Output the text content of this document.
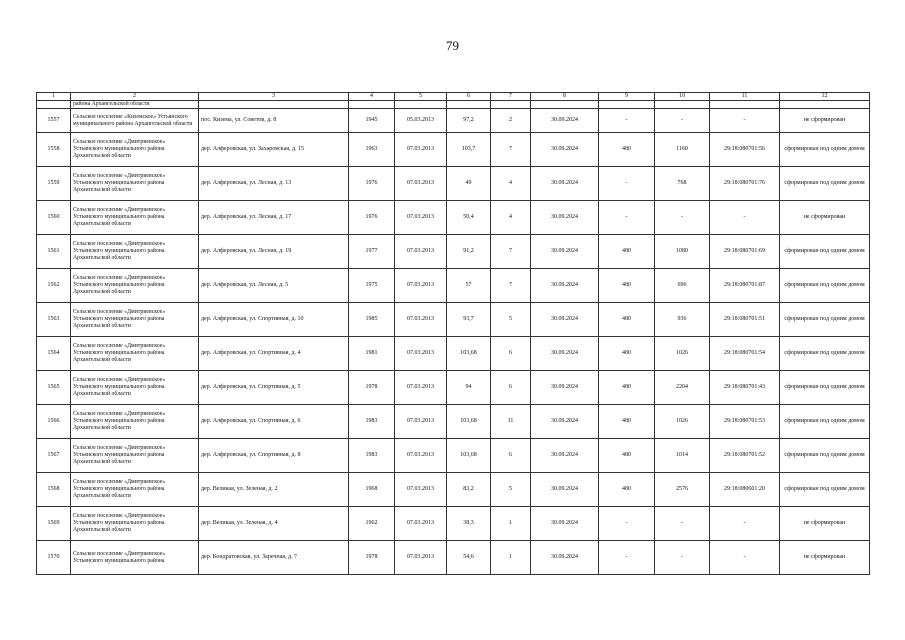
79
1	2	3	4	5	6	7	8	9	10	11	12
	района Архангельской области										
1557	Сельское поселение «Киземское» Устьянского муниципального района Архангельской области	пос. Кизема, ул. Советов, д. 8	1945	05.03.2013	97,2	2	30.09.2024	-	-	-	не сформирован
1558	Сельское поселение «Дмитриевское» Устьянского муниципального района Архангельской области	дер. Алферовская, ул. Захаровская, д. 15	1963	07.03.2013	103,7	7	30.09.2024	480	1160	29:18:080701:56	сформирован под одним домом
1559	Сельское поселение «Дмитриевское» Устьянского муниципального района Архангельской области	дер. Алферовская, ул. Лесная, д. 13	1976	07.03.2013	49	4	30.09.2024	-	768	29:18:080701:76	сформирован под одним домом
1560	Сельское поселение «Дмитриевское» Устьянского муниципального района Архангельской области	дер. Алферовская, ул. Лесная, д. 17	1976	07.03.2013	50,4	4	30.09.2024	-	-	-	не сформирован
1561	Сельское поселение «Дмитриевское» Устьянского муниципального района Архангельской области	дер. Алферовская, ул. Лесная, д. 19	1977	07.03.2013	91,2	7	30.09.2024	480	1080	29:18:080701:69	сформирован под одним домом
1562	Сельское поселение «Дмитриевское» Устьянского муниципального района Архангельской области	дер. Алферовская, ул. Лесная, д. 5	1975	07.03.2013	57	7	30.09.2024	480	696	29:18:080701:87	сформирован под одним домом
1563	Сельское поселение «Дмитриевское» Устьянского муниципального района Архангельской области	дер. Алферовская, ул. Спортивная, д. 10	1985	07.03.2013	93,7	5	30.09.2024	480	936	29:18:080701:51	сформирован под одним домом
1564	Сельское поселение «Дмитриевское» Устьянского муниципального района Архангельской области	дер. Алферовская, ул. Спортивная, д. 4	1981	07.03.2013	103,68	6	30.09.2024	480	1026	29:18:080701:54	сформирован под одним домом
1565	Сельское поселение «Дмитриевское» Устьянского муниципального района Архангельской области	дер. Алферовская, ул. Спортивная, д. 5	1978	07.03.2013	94	6	30.09.2024	480	2204	29:18:080701:43	сформирован под одним домом
1566	Сельское поселение «Дмитриевское» Устьянского муниципального района Архангельской области	дер. Алферовская, ул. Спортивная, д. 6	1983	07.03.2013	103,68	11	30.09.2024	480	1026	29:18:080701:53	сформирован под одним домом
1567	Сельское поселение «Дмитриевское» Устьянского муниципального района Архангельской области	дер. Алферовская, ул. Спортивная, д. 8	1983	07.03.2013	103,68	6	30.09.2024	480	1014	29:18:080701:52	сформирован под одним домом
1568	Сельское поселение «Дмитриевское» Устьянского муниципального района Архангельской области	дер. Великая, ул. Зеленая, д. 2	1968	07.03.2013	83,2	5	30.09.2024	480	2576	29:18:080601:20	сформирован под одним домом
1569	Сельское поселение «Дмитриевское» Устьянского муниципального района Архангельской области	дер. Великая, ул. Зеленая, д. 4	1962	07.03.2013	38,3	1	30.09.2024	-	-	-	не сформирован
1570	Сельское поселение «Дмитриевское» Устьянского муниципального района	дер. Кондратовская, ул. Заречная, д. 7	1978	07.03.2013	54,6	1	30.09.2024	-	-	-	не сформирован
